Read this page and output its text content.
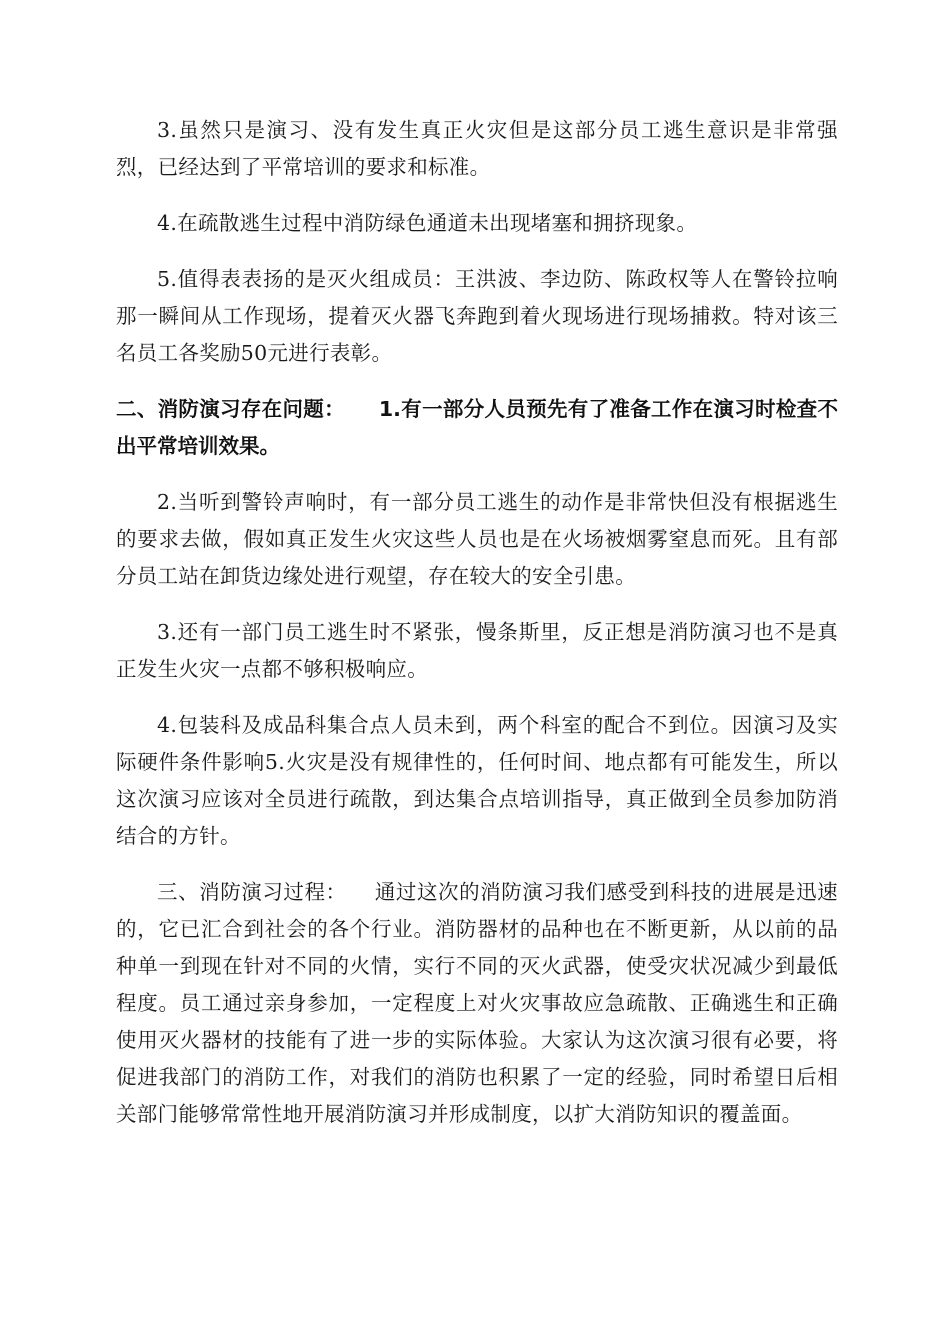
3.虽然只是演习、没有发生真正火灾但是这部分员工逃生意识是非常强烈，已经达到了平常培训的要求和标准。

4.在疏散逃生过程中消防绿色通道未出现堵塞和拥挤现象。

5.值得表表扬的是灭火组成员：王洪波、李边防、陈政权等人在警铃拉响那一瞬间从工作现场，提着灭火器飞奔跑到着火现场进行现场捕救。特对该三名员工各奖励50元进行表彰。

二、消防演习存在问题： 1.有一部分人员预先有了准备工作在演习时检查不出平常培训效果。

2.当听到警铃声响时，有一部分员工逃生的动作是非常快但没有根据逃生的要求去做，假如真正发生火灾这些人员也是在火场被烟雾窒息而死。且有部分员工站在卸货边缘处进行观望，存在较大的安全引患。

3.还有一部门员工逃生时不紧张，慢条斯里，反正想是消防演习也不是真正发生火灾一点都不够积极响应。

4.包装科及成品科集合点人员未到，两个科室的配合不到位。因演习及实际硬件条件影响5.火灾是没有规律性的，任何时间、地点都有可能发生，所以这次演习应该对全员进行疏散，到达集合点培训指导，真正做到全员参加防消结合的方针。

三、消防演习过程： 通过这次的消防演习我们感受到科技的进展是迅速的，它已汇合到社会的各个行业。消防器材的品种也在不断更新，从以前的品种单一到现在针对不同的火情，实行不同的灭火武器，使受灾状况减少到最低程度。员工通过亲身参加，一定程度上对火灾事故应急疏散、正确逃生和正确使用灭火器材的技能有了进一步的实际体验。大家认为这次演习很有必要，将促进我部门的消防工作，对我们的消防也积累了一定的经验，同时希望日后相关部门能够常常性地开展消防演习并形成制度，以扩大消防知识的覆盖面。
